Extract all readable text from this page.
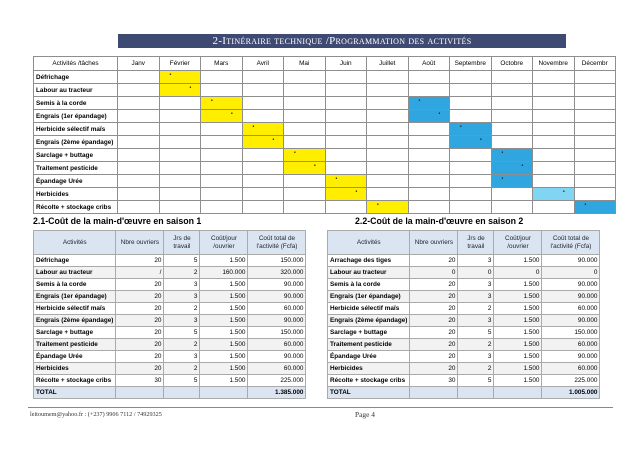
2-Itinéraire technique /Programmation des activités
Activités /tâches	Janv	Février	Mars	Avril	Mai	Juin	Juillet	Août	Septembre	Octobre	Novembre	Décembr
Défrichage		•										

Labour au tracteur		•										

Semis à la corde			•					•				

Engrais (1er épandage)			•					•				

Herbicide sélectif maïs				•					•			

Engrais (2ème épandage)				•					•			

Sarclage + buttage					•					•		

Traitement pesticide					•					•		

Épandage Urée						•				•		

Herbicides						•					•	

Récolte + stockage cribs							•					•
2.1-Coût de la main-d'œuvre en saison 1	2.2-Coût de la main-d'œuvre en saison 2
Activités	Nbre ouvriers	Jrs de travail	Coût/jour /ouvrier	Coût total de l'activité (Fcfa)
Défrichage	20	5	1.500	150.000
Labour au tracteur	/	2	160.000	320.000
Semis à la corde	20	3	1.500	90.000
Engrais (1er épandage)	20	3	1.500	90.000
Herbicide sélectif maïs	20	2	1.500	60.000
Engrais (2ème épandage)	20	3	1.500	90.000
Sarclage + buttage	20	5	1.500	150.000
Traitement pesticide	20	2	1.500	60.000
Épandage Urée	20	3	1.500	90.000
Herbicides	20	2	1.500	60.000
Récolte + stockage cribs	30	5	1.500	225.000
TOTAL				1.385.000
Activités	Nbre ouvriers	Jrs de travail	Coût/jour /ouvrier	Coût total de l'activité (Fcfa)
Arrachage des tiges	20	3	1.500	90.000
Labour au tracteur	0	0	0	0
Semis à la corde	20	3	1.500	90.000
Engrais (1er épandage)	20	3	1.500	90.000
Herbicide sélectif maïs	20	2	1.500	60.000
Engrais (2ème épandage)	20	3	1.500	90.000
Sarclage + buttage	20	5	1.500	150.000
Traitement pesticide	20	2	1.500	60.000
Épandage Urée	20	3	1.500	90.000
Herbicides	20	2	1.500	60.000
Récolte + stockage cribs	30	5	1.500	225.000
TOTAL				1.005.000
leitoumem@yahoo.fr : (+237) 9906 7112 / 74929325	Page 4
